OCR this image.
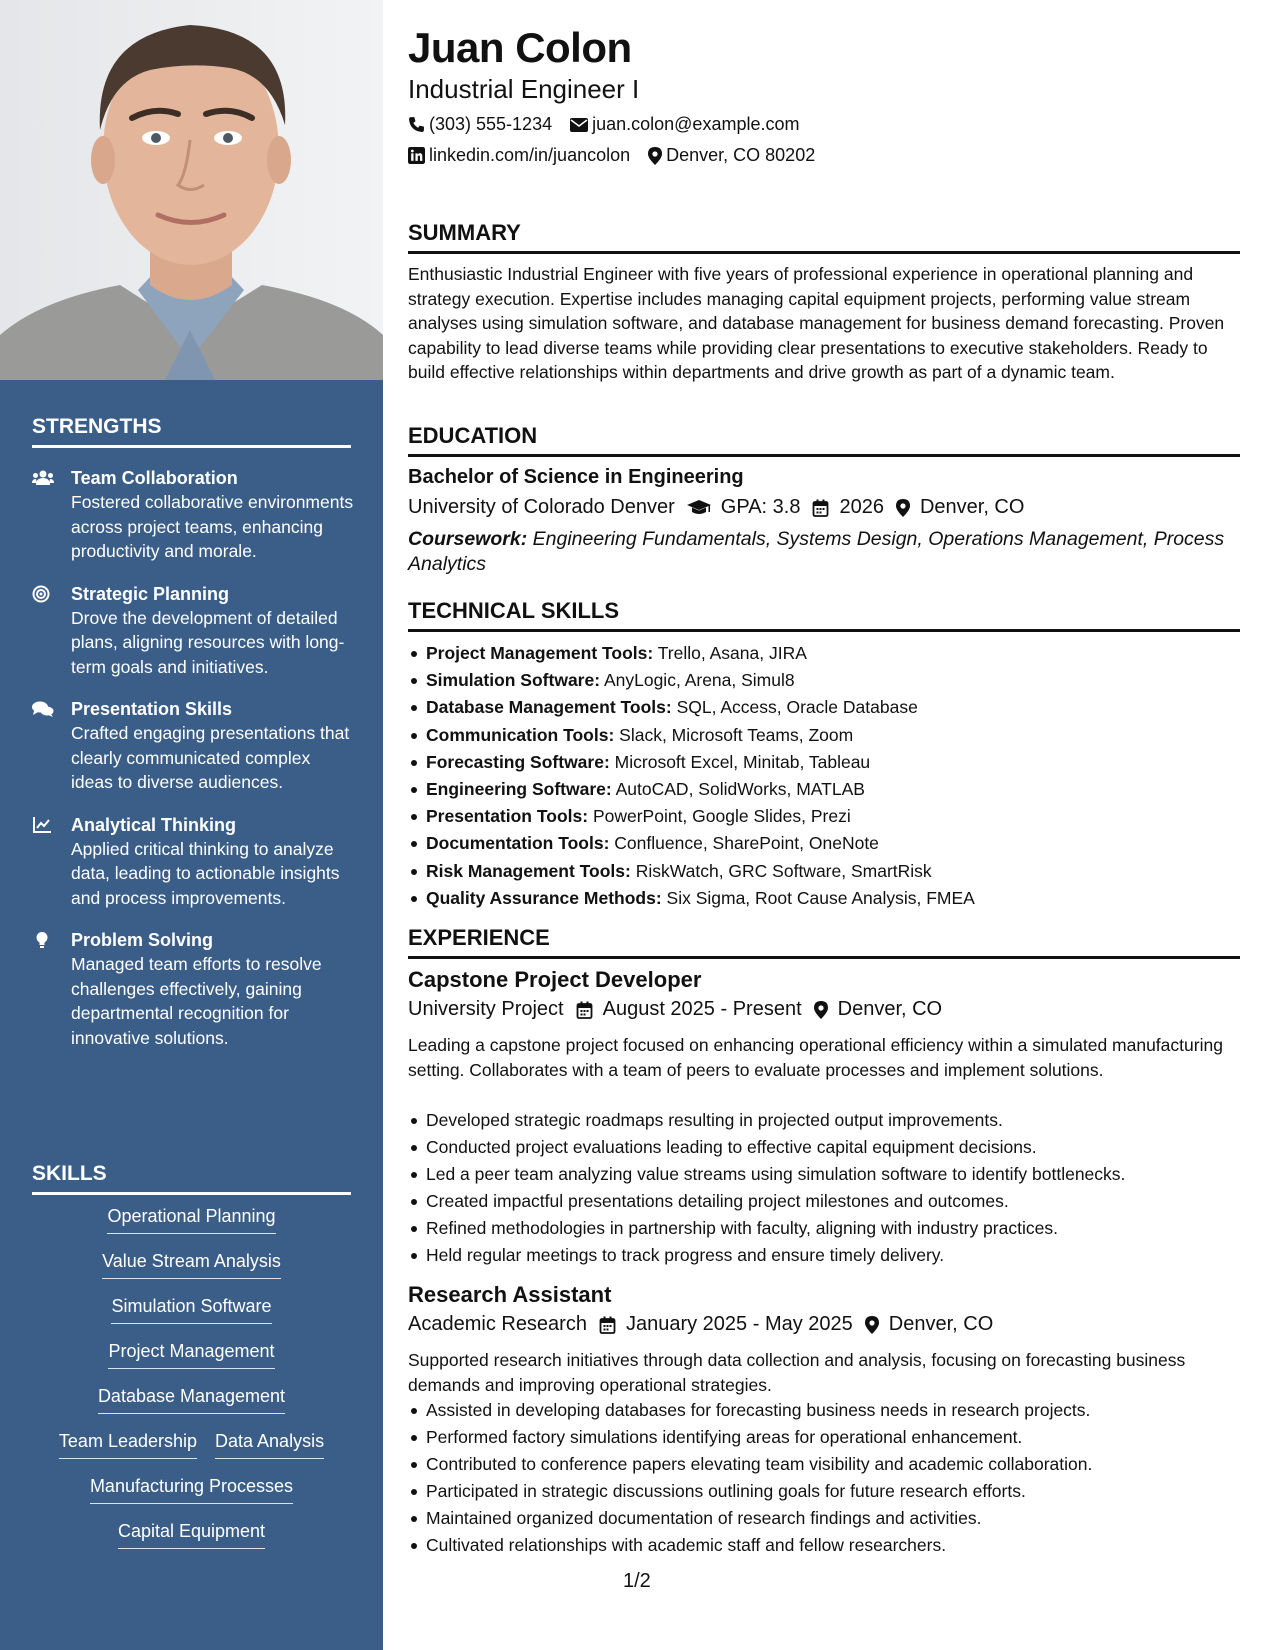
STRENGTHS
Team Collaboration
Fostered collaborative environments across project teams, enhancing productivity and morale.
Strategic Planning
Drove the development of detailed plans, aligning resources with long-term goals and initiatives.
Presentation Skills
Crafted engaging presentations that clearly communicated complex ideas to diverse audiences.
Analytical Thinking
Applied critical thinking to analyze data, leading to actionable insights and process improvements.
Problem Solving
Managed team efforts to resolve challenges effectively, gaining departmental recognition for innovative solutions.
SKILLS
Operational Planning
Value Stream Analysis
Simulation Software
Project Management
Database Management
Team Leadership Data Analysis
Manufacturing Processes
Capital Equipment
Juan Colon
Industrial Engineer I
(303) 555-1234 juan.colon@example.com
linkedin.com/in/juancolon Denver, CO 80202
SUMMARY
Enthusiastic Industrial Engineer with five years of professional experience in operational planning and strategy execution. Expertise includes managing capital equipment projects, performing value stream analyses using simulation software, and database management for business demand forecasting. Proven capability to lead diverse teams while providing clear presentations to executive stakeholders. Ready to build effective relationships within departments and drive growth as part of a dynamic team.
EDUCATION
Bachelor of Science in Engineering
University of Colorado Denver GPA: 3.8 2026 Denver, CO
Coursework: Engineering Fundamentals, Systems Design, Operations Management, Process Analytics
TECHNICAL SKILLS
Project Management Tools: Trello, Asana, JIRA
Simulation Software: AnyLogic, Arena, Simul8
Database Management Tools: SQL, Access, Oracle Database
Communication Tools: Slack, Microsoft Teams, Zoom
Forecasting Software: Microsoft Excel, Minitab, Tableau
Engineering Software: AutoCAD, SolidWorks, MATLAB
Presentation Tools: PowerPoint, Google Slides, Prezi
Documentation Tools: Confluence, SharePoint, OneNote
Risk Management Tools: RiskWatch, GRC Software, SmartRisk
Quality Assurance Methods: Six Sigma, Root Cause Analysis, FMEA
EXPERIENCE
Capstone Project Developer
University Project August 2025 - Present Denver, CO
Leading a capstone project focused on enhancing operational efficiency within a simulated manufacturing setting. Collaborates with a team of peers to evaluate processes and implement solutions.
Developed strategic roadmaps resulting in projected output improvements.
Conducted project evaluations leading to effective capital equipment decisions.
Led a peer team analyzing value streams using simulation software to identify bottlenecks.
Created impactful presentations detailing project milestones and outcomes.
Refined methodologies in partnership with faculty, aligning with industry practices.
Held regular meetings to track progress and ensure timely delivery.
Research Assistant
Academic Research January 2025 - May 2025 Denver, CO
Supported research initiatives through data collection and analysis, focusing on forecasting business demands and improving operational strategies.
Assisted in developing databases for forecasting business needs in research projects.
Performed factory simulations identifying areas for operational enhancement.
Contributed to conference papers elevating team visibility and academic collaboration.
Participated in strategic discussions outlining goals for future research efforts.
Maintained organized documentation of research findings and activities.
Cultivated relationships with academic staff and fellow researchers.
1/2
